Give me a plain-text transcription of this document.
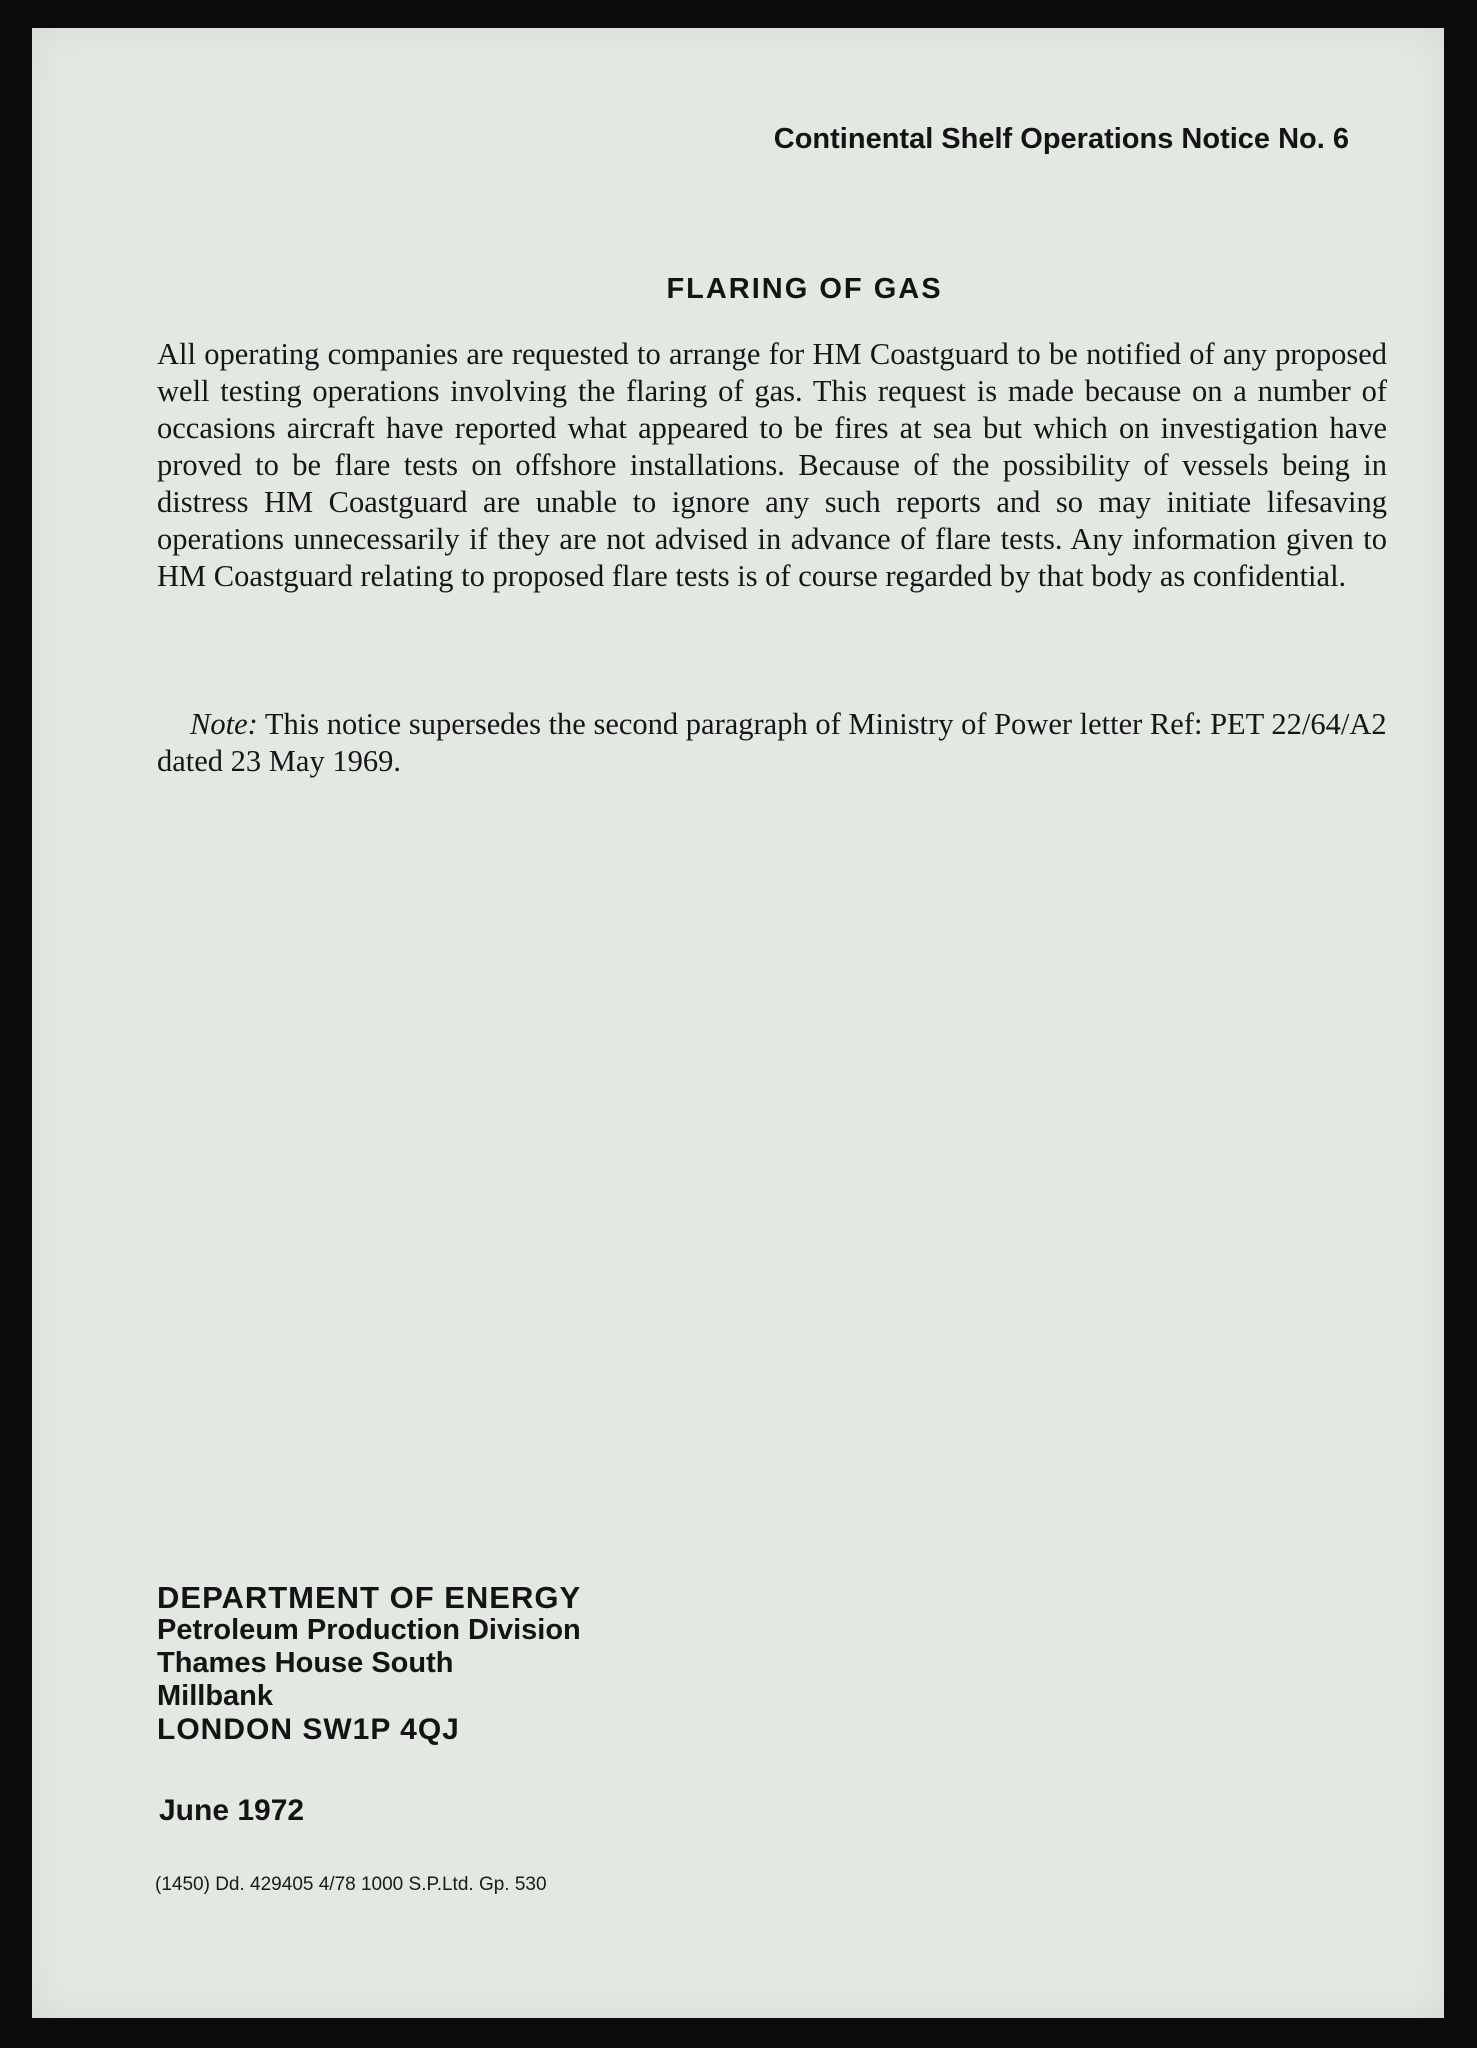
Continental Shelf Operations Notice No. 6
FLARING OF GAS

All operating companies are requested to arrange for HM Coastguard to be notified of any proposed well testing operations involving the flaring of gas. This request is made because on a number of occasions aircraft have reported what appeared to be fires at sea but which on investigation have proved to be flare tests on offshore installations. Because of the possibility of vessels being in distress HM Coastguard are unable to ignore any such reports and so may initiate lifesaving operations unnecessarily if they are not advised in advance of flare tests. Any information given to HM Coastguard relating to proposed flare tests is of course regarded by that body as confidential.

Note: This notice supersedes the second paragraph of Ministry of Power letter Ref: PET 22/64/A2 dated 23 May 1969.

DEPARTMENT OF ENERGY
Petroleum Production Division
Thames House South
Millbank
LONDON SW1P 4QJ
June 1972
(1450) Dd. 429405 4/78 1000 S.P.Ltd. Gp. 530
